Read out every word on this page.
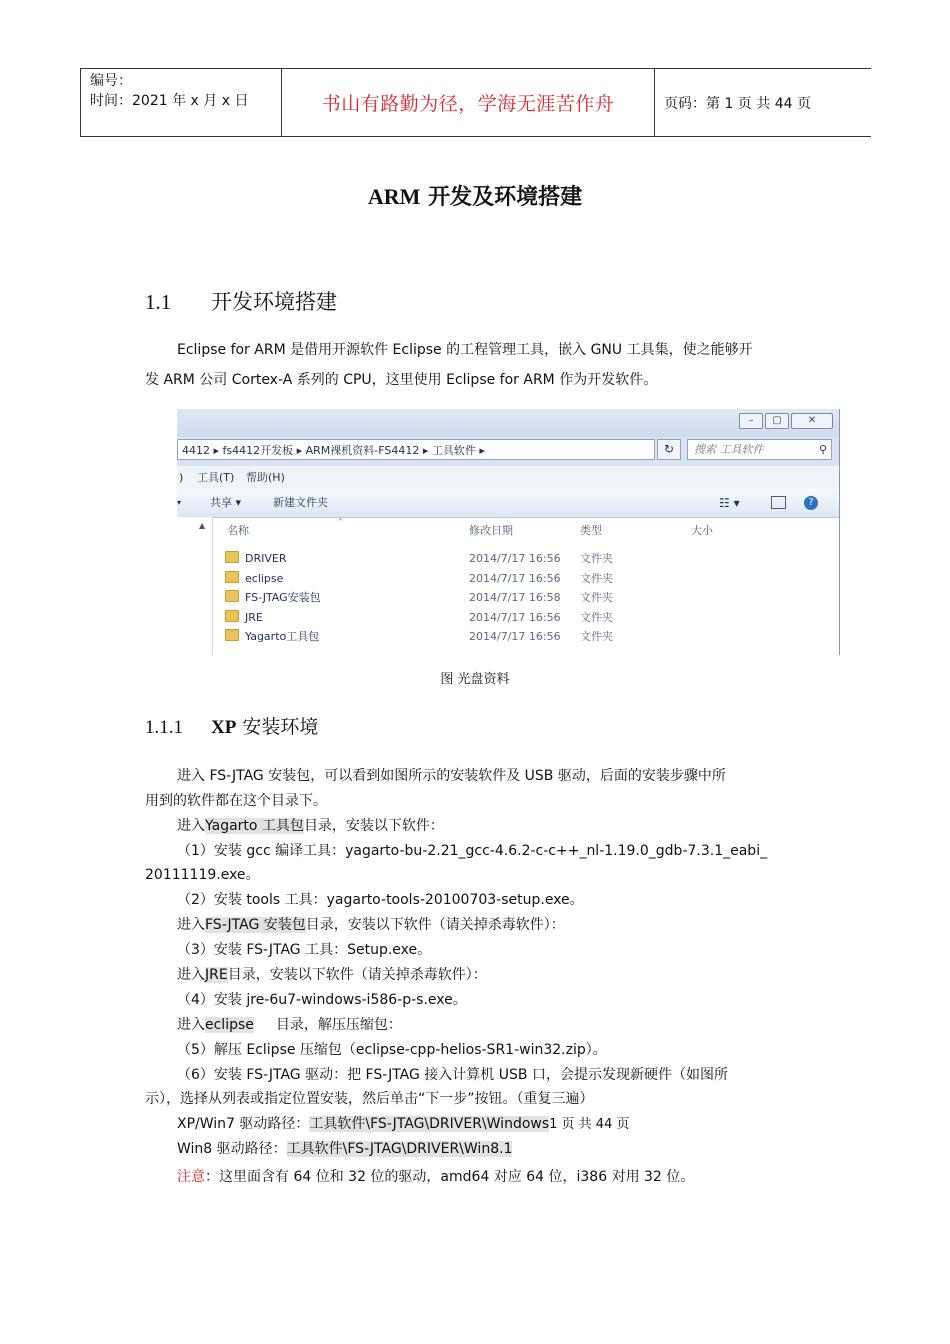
编号：
时间：2021 年 x 月 x 日	书山有路勤为径，学海无涯苦作舟	页码：第 1 页 共 44 页
ARM 开发及环境搭建
1.1 开发环境搭建
Eclipse for ARM 是借用开源软件 Eclipse 的工程管理工具，嵌入 GNU 工具集，使之能够开
发 ARM 公司 Cortex-A 系列的 CPU，这里使用 Eclipse for ARM 作为开发软件。
–	▢	✕
4412 ▸ fs4412开发板 ▸ ARM裸机资料-FS4412 ▸ 工具软件 ▸	↻	搜索 工具软件	⚲
) 工具(T) 帮助(H)
▾	共享 ▾	新建文件夹	☷ ▾	?
▲	^
名称	修改日期	类型	大小
DRIVER	2014/7/17 16:56 文件夹
eclipse	2014/7/17 16:56 文件夹
FS-JTAG安装包	2014/7/17 16:58 文件夹
JRE	2014/7/17 16:56 文件夹
Yagarto工具包	2014/7/17 16:56 文件夹
图 光盘资料
1.1.1 XP 安装环境
进入 FS-JTAG 安装包，可以看到如图所示的安装软件及 USB 驱动，后面的安装步骤中所
用到的软件都在这个目录下。
进入Yagarto 工具包目录，安装以下软件：
（1）安装 gcc 编译工具：yagarto-bu-2.21_gcc-4.6.2-c-c++_nl-1.19.0_gdb-7.3.1_eabi_
20111119.exe。
（2）安装 tools 工具：yagarto-tools-20100703-setup.exe。
进入FS-JTAG 安装包目录，安装以下软件（请关掉杀毒软件）：
（3）安装 FS-JTAG 工具：Setup.exe。
进入JRE目录，安装以下软件（请关掉杀毒软件）：
（4）安装 jre-6u7-windows-i586-p-s.exe。
进入eclipse 目录，解压压缩包：
（5）解压 Eclipse 压缩包（eclipse-cpp-helios-SR1-win32.zip）。
（6）安装 FS-JTAG 驱动：把 FS-JTAG 接入计算机 USB 口，会提示发现新硬件（如图所
示），选择从列表或指定位置安装，然后单击“下一步”按钮。（重复三遍）
XP/Win7 驱动路径：工具软件\FS-JTAG\DRIVER\Windows1 页 共 44 页
Win8 驱动路径：工具软件\FS-JTAG\DRIVER\Win8.1
注意：这里面含有 64 位和 32 位的驱动，amd64 对应 64 位，i386 对用 32 位。
